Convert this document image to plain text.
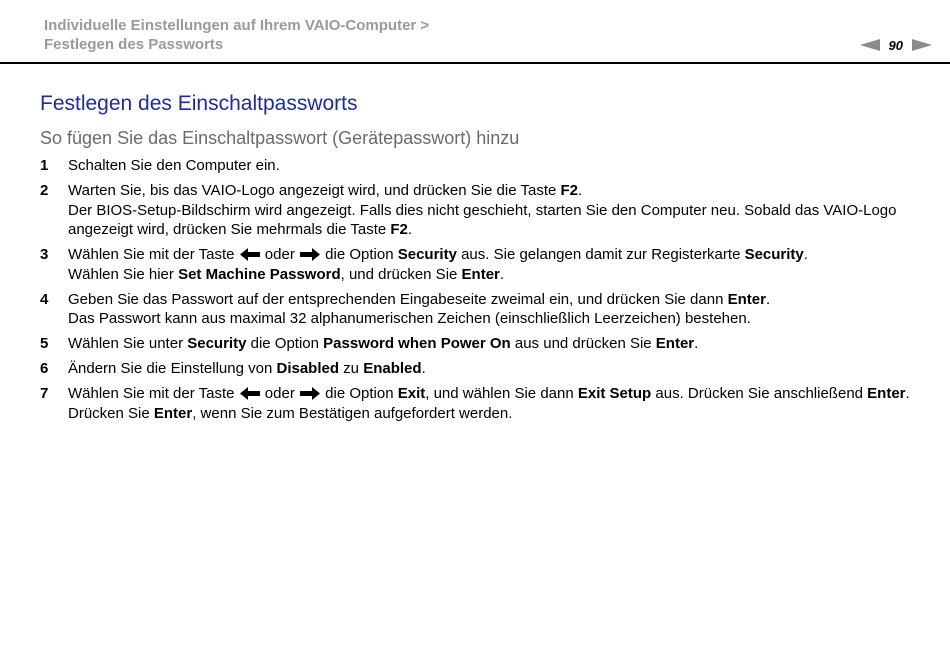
Individuelle Einstellungen auf Ihrem VAIO-Computer >
Festlegen des Passworts	90
Festlegen des Einschaltpassworts
So fügen Sie das Einschaltpasswort (Gerätepasswort) hinzu
1	Schalten Sie den Computer ein.
2	Warten Sie, bis das VAIO-Logo angezeigt wird, und drücken Sie die Taste F2.
Der BIOS-Setup-Bildschirm wird angezeigt. Falls dies nicht geschieht, starten Sie den Computer neu. Sobald das VAIO-Logo angezeigt wird, drücken Sie mehrmals die Taste F2.
3	Wählen Sie mit der Taste  oder  die Option Security aus. Sie gelangen damit zur Registerkarte Security.
Wählen Sie hier Set Machine Password, und drücken Sie Enter.
4	Geben Sie das Passwort auf der entsprechenden Eingabeseite zweimal ein, und drücken Sie dann Enter.
Das Passwort kann aus maximal 32 alphanumerischen Zeichen (einschließlich Leerzeichen) bestehen.
5	Wählen Sie unter Security die Option Password when Power On aus und drücken Sie Enter.
6	Ändern Sie die Einstellung von Disabled zu Enabled.
7	Wählen Sie mit der Taste  oder  die Option Exit, und wählen Sie dann Exit Setup aus. Drücken Sie anschließend Enter.
Drücken Sie Enter, wenn Sie zum Bestätigen aufgefordert werden.
